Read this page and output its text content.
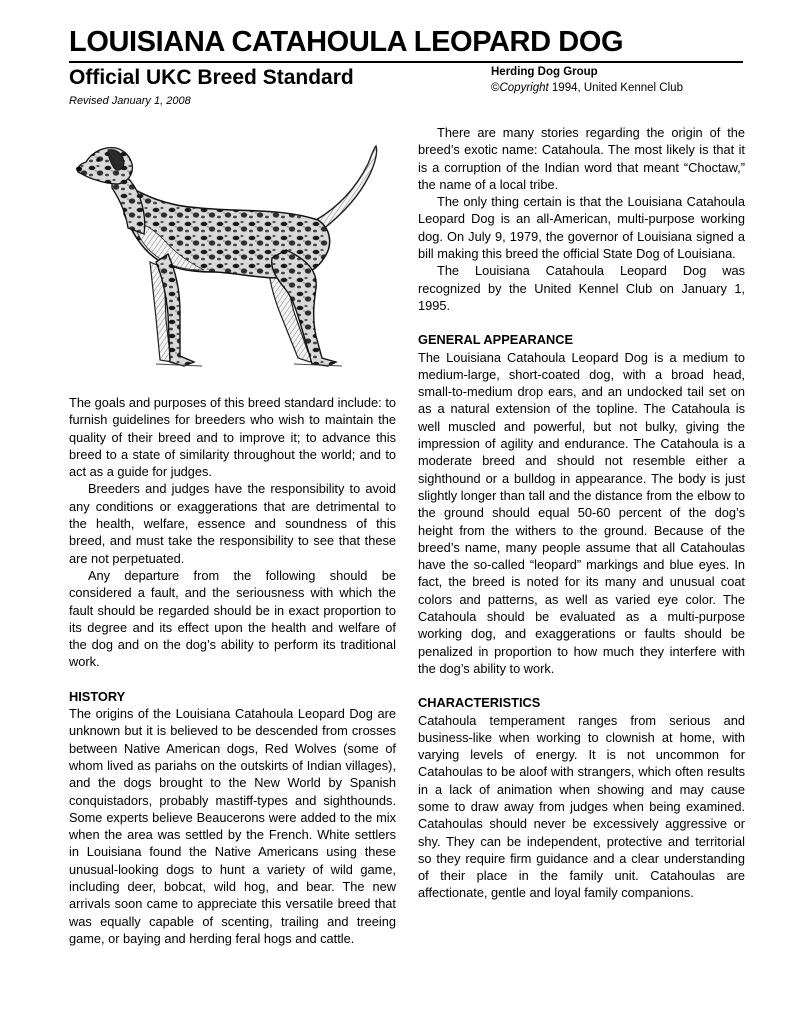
LOUISIANA CATAHOULA LEOPARD DOG
Official UKC Breed Standard
Revised January 1, 2008
Herding Dog Group
©Copyright 1994, United Kennel Club

The goals and purposes of this breed standard include: to furnish guidelines for breeders who wish to maintain the quality of their breed and to improve it; to advance this breed to a state of similarity throughout the world; and to act as a guide for judges.

Breeders and judges have the responsibility to avoid any conditions or exaggerations that are detrimental to the health, welfare, essence and soundness of this breed, and must take the responsibility to see that these are not perpetuated.

Any departure from the following should be considered a fault, and the seriousness with which the fault should be regarded should be in exact proportion to its degree and its effect upon the health and welfare of the dog and on the dog’s ability to perform its traditional work.

HISTORY

The origins of the Louisiana Catahoula Leopard Dog are unknown but it is believed to be descended from crosses between Native American dogs, Red Wolves (some of whom lived as pariahs on the outskirts of Indian villages), and the dogs brought to the New World by Spanish conquistadors, probably mastiff-types and sighthounds. Some experts believe Beaucerons were added to the mix when the area was settled by the French. White settlers in Louisiana found the Native Americans using these unusual-looking dogs to hunt a variety of wild game, including deer, bobcat, wild hog, and bear. The new arrivals soon came to appreciate this versatile breed that was equally capable of scenting, trailing and treeing game, or baying and herding feral hogs and cattle.

There are many stories regarding the origin of the breed’s exotic name: Catahoula. The most likely is that it is a corruption of the Indian word that meant “Choctaw,” the name of a local tribe.

The only thing certain is that the Louisiana Catahoula Leopard Dog is an all-American, multi-purpose working dog. On July 9, 1979, the governor of Louisiana signed a bill making this breed the official State Dog of Louisiana.

The Louisiana Catahoula Leopard Dog was recognized by the United Kennel Club on January 1, 1995.

GENERAL APPEARANCE

The Louisiana Catahoula Leopard Dog is a medium to medium-large, short-coated dog, with a broad head, small-to-medium drop ears, and an undocked tail set on as a natural extension of the topline. The Catahoula is well muscled and powerful, but not bulky, giving the impression of agility and endurance. The Catahoula is a moderate breed and should not resemble either a sighthound or a bulldog in appearance. The body is just slightly longer than tall and the distance from the elbow to the ground should equal 50-60 percent of the dog’s height from the withers to the ground. Because of the breed’s name, many people assume that all Catahoulas have the so-called “leopard” markings and blue eyes. In fact, the breed is noted for its many and unusual coat colors and patterns, as well as varied eye color. The Catahoula should be evaluated as a multi-purpose working dog, and exaggerations or faults should be penalized in proportion to how much they interfere with the dog’s ability to work.

CHARACTERISTICS

Catahoula temperament ranges from serious and business-like when working to clownish at home, with varying levels of energy. It is not uncommon for Catahoulas to be aloof with strangers, which often results in a lack of animation when showing and may cause some to draw away from judges when being examined. Catahoulas should never be excessively aggressive or shy. They can be independent, protective and territorial so they require firm guidance and a clear understanding of their place in the family unit. Catahoulas are affectionate, gentle and loyal family companions.
